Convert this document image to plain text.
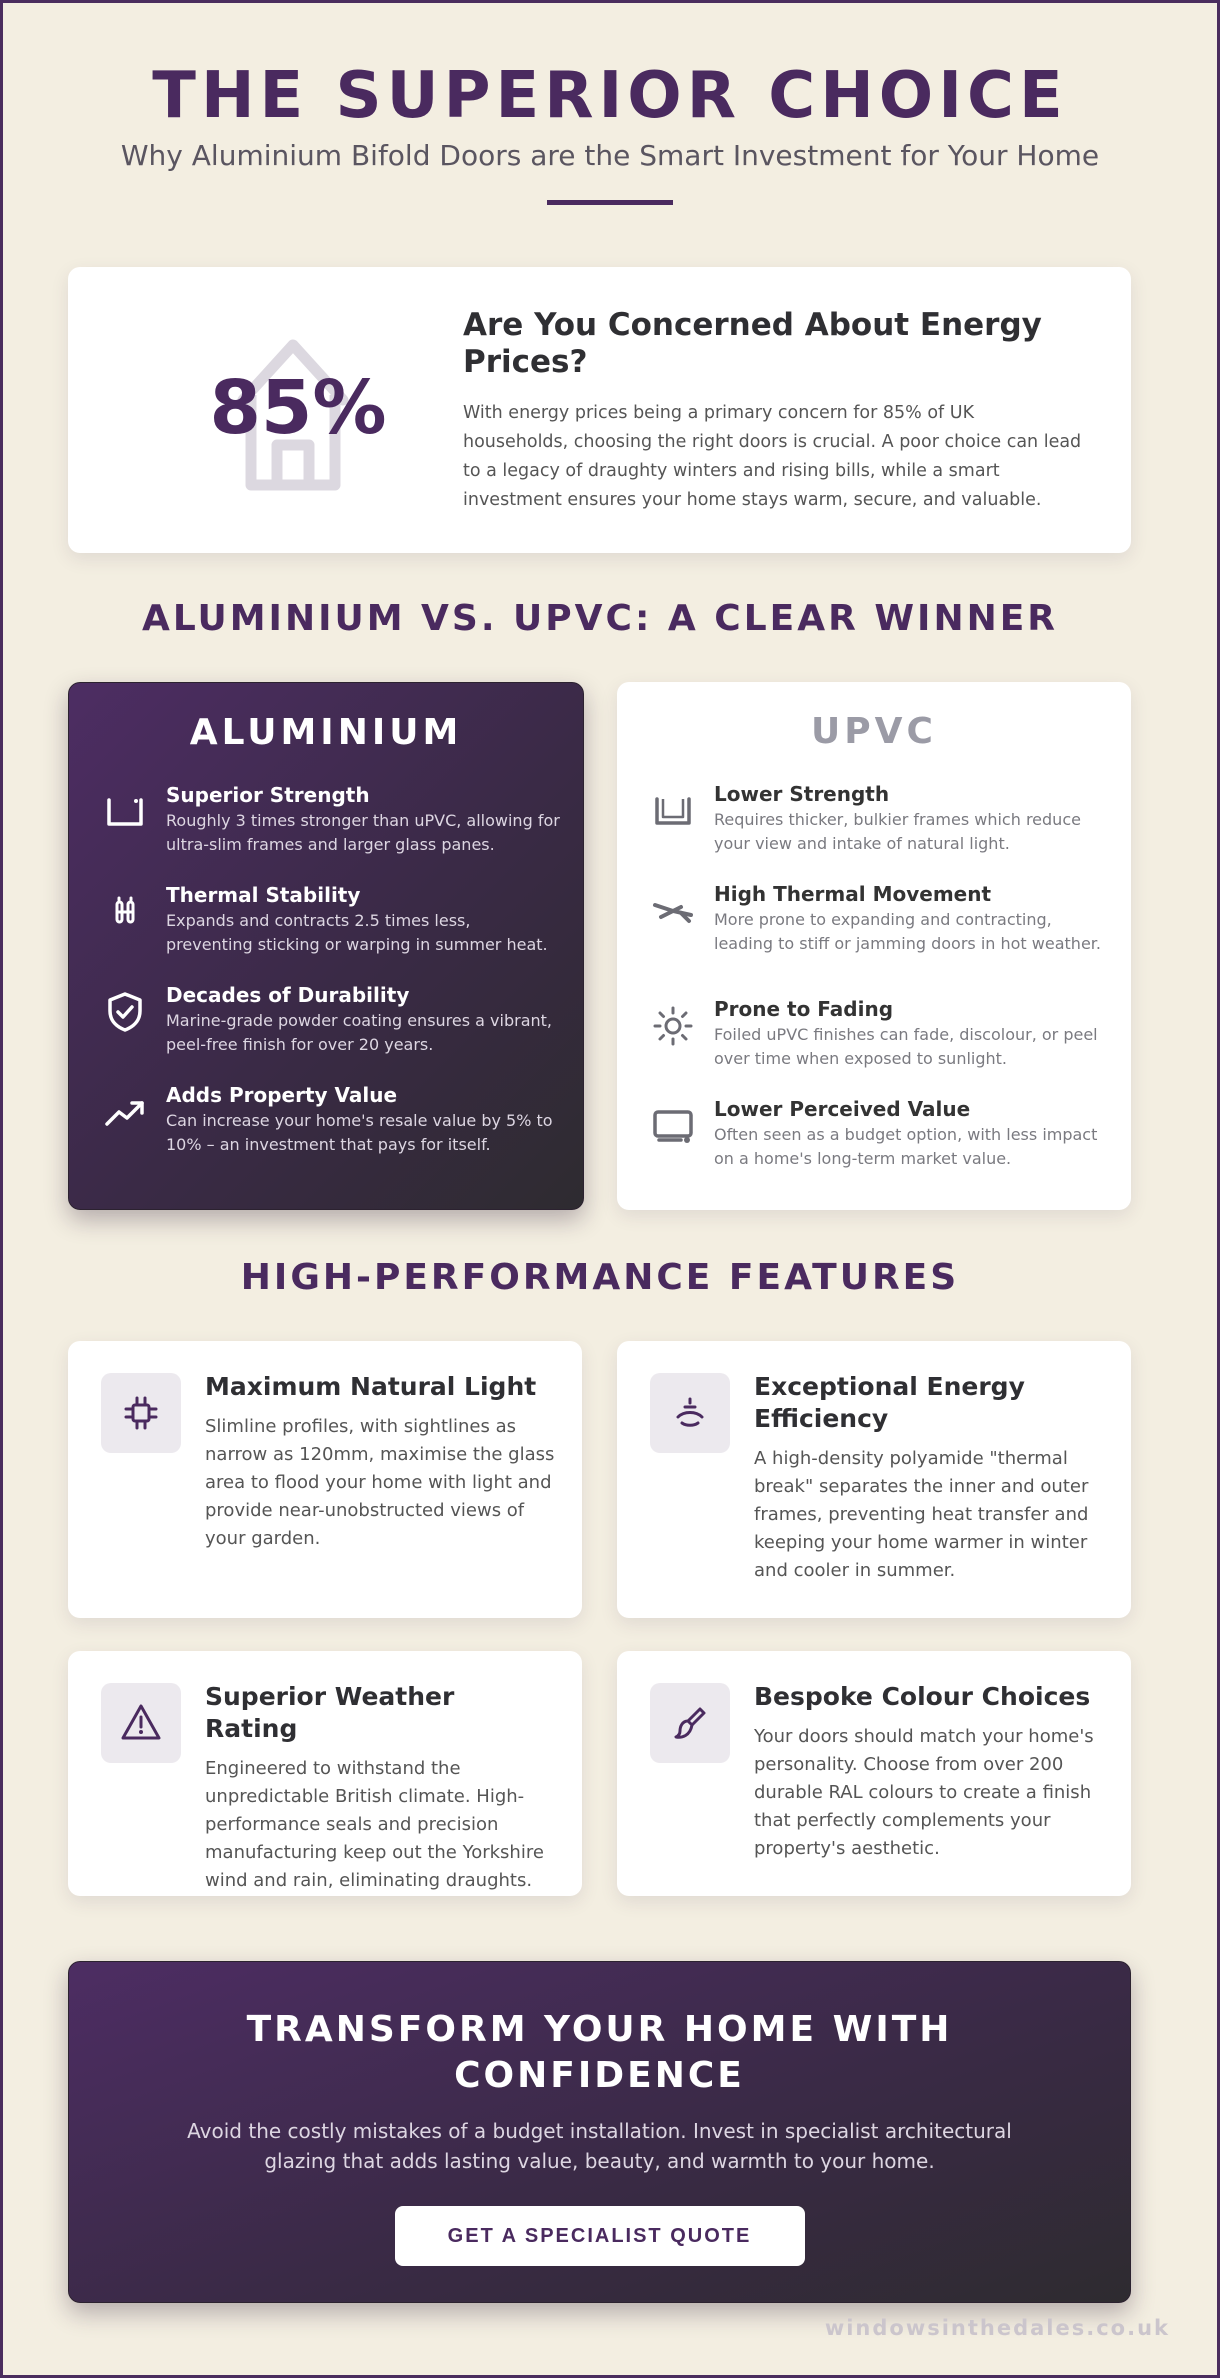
THE SUPERIOR CHOICE
Why Aluminium Bifold Doors are the Smart Investment for Your Home
85%
Are You Concerned About Energy Prices?

With energy prices being a primary concern for 85% of UK households, choosing the right doors is crucial. A poor choice can lead to a legacy of draughty winters and rising bills, while a smart investment ensures your home stays warm, secure, and valuable.

ALUMINIUM VS. UPVC: A CLEAR WINNER
ALUMINIUM
Superior Strength
Roughly 3 times stronger than uPVC, allowing for ultra-slim frames and larger glass panes.
Thermal Stability
Expands and contracts 2.5 times less, preventing sticking or warping in summer heat.
Decades of Durability
Marine-grade powder coating ensures a vibrant, peel-free finish for over 20 years.
Adds Property Value
Can increase your home's resale value by 5% to 10% – an investment that pays for itself.
UPVC
Lower Strength
Requires thicker, bulkier frames which reduce your view and intake of natural light.
High Thermal Movement
More prone to expanding and contracting, leading to stiff or jamming doors in hot weather.
Prone to Fading
Foiled uPVC finishes can fade, discolour, or peel over time when exposed to sunlight.
Lower Perceived Value
Often seen as a budget option, with less impact on a home's long-term market value.
HIGH-PERFORMANCE FEATURES
Maximum Natural Light

Slimline profiles, with sightlines as narrow as 120mm, maximise the glass area to flood your home with light and provide near-unobstructed views of your garden.

Exceptional Energy Efficiency

A high-density polyamide "thermal break" separates the inner and outer frames, preventing heat transfer and keeping your home warmer in winter and cooler in summer.

Superior Weather Rating

Engineered to withstand the unpredictable British climate. High-performance seals and precision manufacturing keep out the Yorkshire wind and rain, eliminating draughts.

Bespoke Colour Choices

Your doors should match your home's personality. Choose from over 200 durable RAL colours to create a finish that perfectly complements your property's aesthetic.

TRANSFORM YOUR HOME WITH CONFIDENCE

Avoid the costly mistakes of a budget installation. Invest in specialist architectural glazing that adds lasting value, beauty, and warmth to your home.

GET A SPECIALIST QUOTE
windowsinthedales.co.uk
